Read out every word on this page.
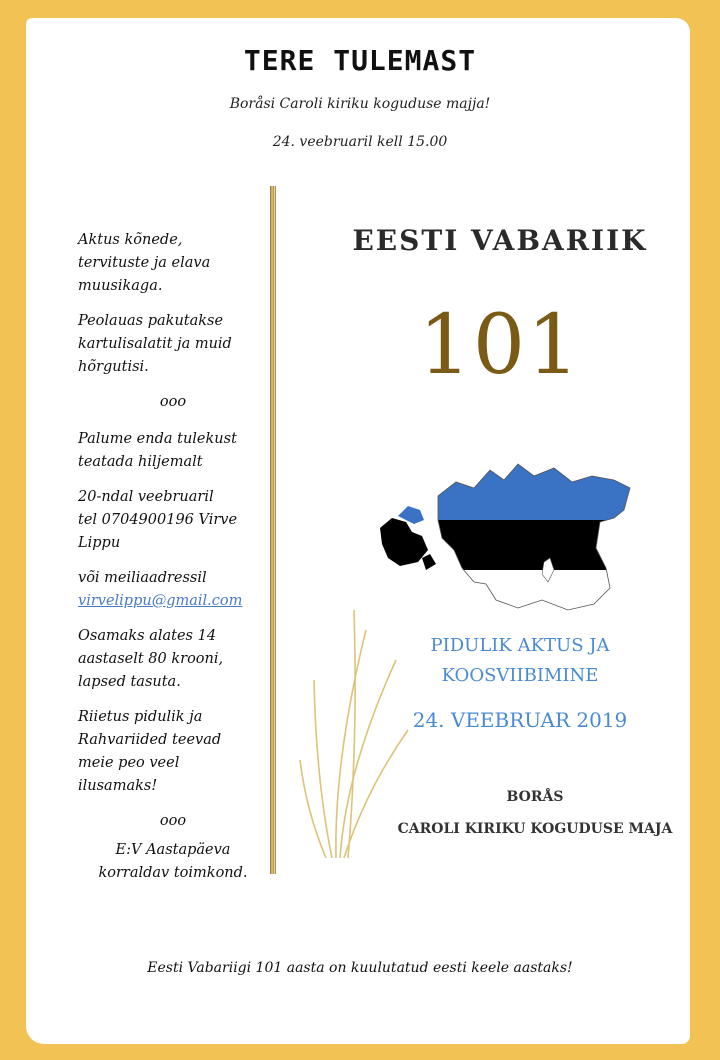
TERE TULEMAST
Boråsi Caroli kiriku koguduse majja!
24. veebruaril kell 15.00

Aktus kõnede,
tervituste ja elava
muusikaga.

Peolauas pakutakse
kartulisalatit ja muid
hõrgutisi.

ooo

Palume enda tulekust
teatada hiljemalt

20-ndal veebruaril
tel 0704900196 Virve
Lippu

või meiliaadressil
virvelippu@gmail.com

Osamaks alates 14
aastaselt 80 krooni,
lapsed tasuta.

Riietus pidulik ja
Rahvariided teevad
meie peo veel
ilusamaks!

ooo

E:V Aastapäeva
korraldav toimkond.

EESTI VABARIIK
101
PIDULIK AKTUS JA
KOOSVIIBIMINE
24. VEEBRUAR 2019
BORÅS
CAROLI KIRIKU KOGUDUSE MAJA
Eesti Vabariigi 101 aasta on kuulutatud eesti keele aastaks!
